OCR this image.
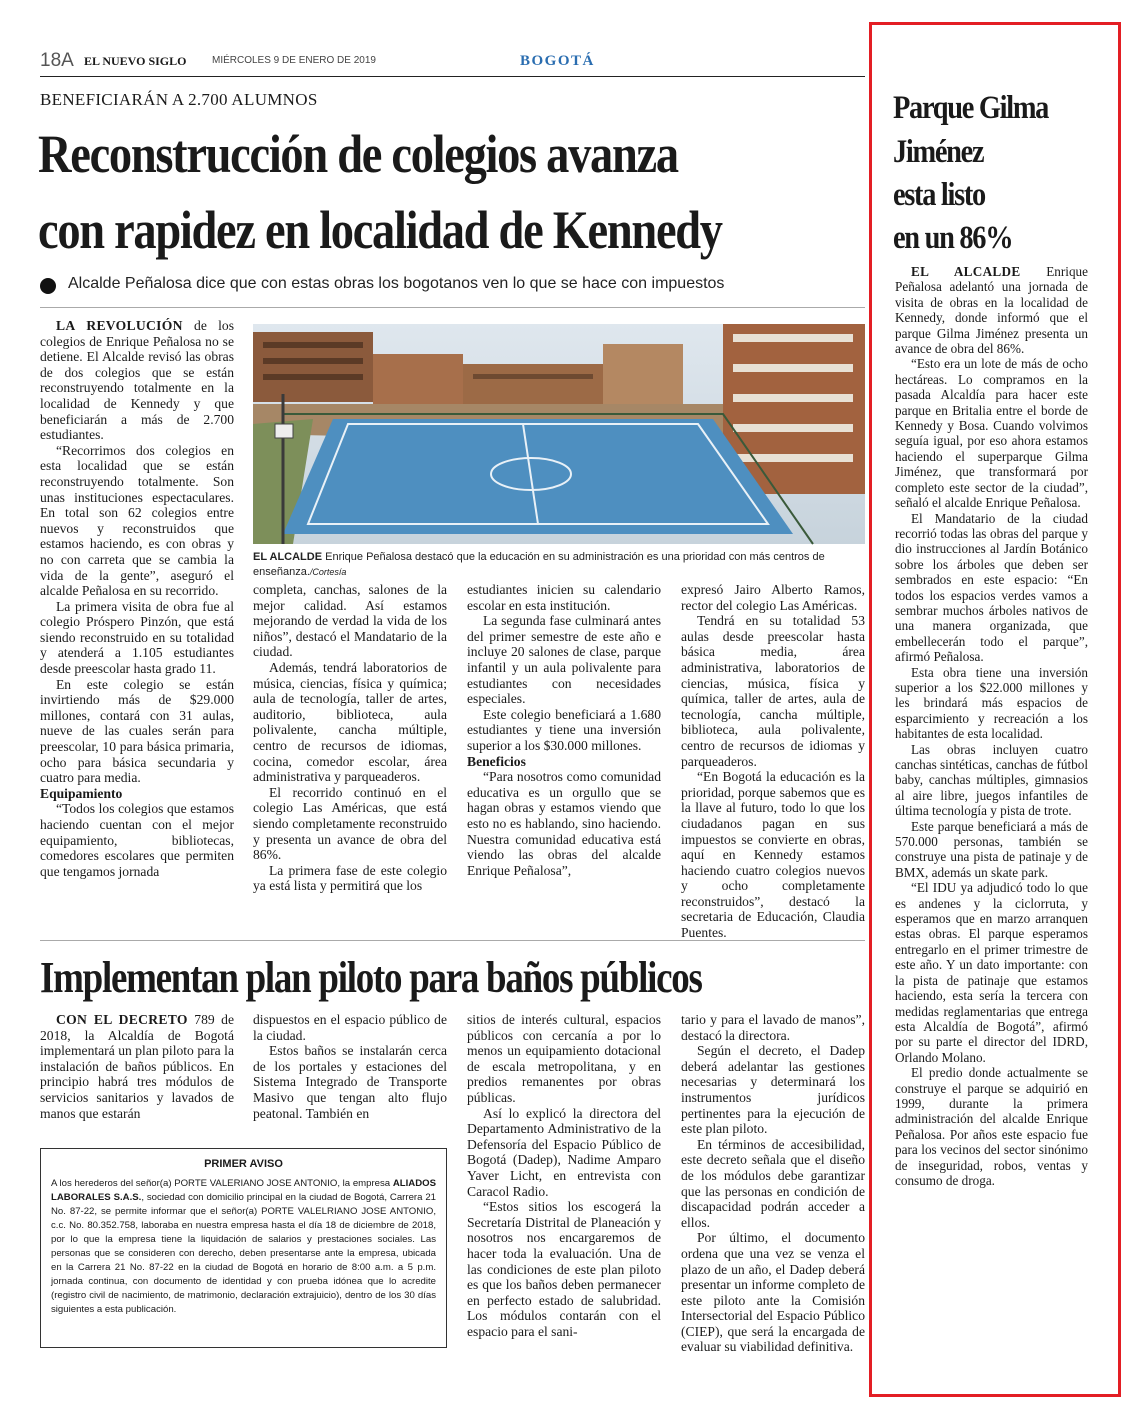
18A EL NUEVO SIGLO	MIÉRCOLES 9 DE ENERO DE 2019	BOGOTÁ
BENEFICIARÁN A 2.700 ALUMNOS
Reconstrucción de colegios avanza
con rapidez en localidad de Kennedy
Alcalde Peñalosa dice que con estas obras los bogotanos ven lo que se hace con impuestos
EL ALCALDE Enrique Peñalosa destacó que la educación en su administración es una prioridad con más centros de enseñanza./Cortesía

LA REVOLUCIÓN de los colegios de Enrique Peñalosa no se detiene. El Alcalde revisó las obras de dos colegios que se están reconstruyendo totalmente en la localidad de Kennedy y que beneficiarán a más de 2.700 estudiantes.

“Recorrimos dos colegios en esta localidad que se están reconstruyendo totalmente. Son unas instituciones espectaculares. En total son 62 colegios entre nuevos y reconstruidos que estamos haciendo, es con obras y no con carreta que se cambia la vida de la gente”, aseguró el alcalde Peñalosa en su recorrido.

La primera visita de obra fue al colegio Próspero Pinzón, que está siendo reconstruido en su totalidad y atenderá a 1.105 estudiantes desde preescolar hasta grado 11.

En este colegio se están invirtiendo más de $29.000 millones, contará con 31 aulas, nueve de las cuales serán para preescolar, 10 para básica primaria, ocho para básica secundaria y cuatro para media.

Equipamiento

“Todos los colegios que estamos haciendo cuentan con el mejor equipamiento, bibliotecas, comedores escolares que permiten que tengamos jornada

completa, canchas, salones de la mejor calidad. Así estamos mejorando de verdad la vida de los niños”, destacó el Mandatario de la ciudad.

Además, tendrá laboratorios de música, ciencias, física y química; aula de tecnología, taller de artes, auditorio, biblioteca, aula polivalente, cancha múltiple, centro de recursos de idiomas, cocina, comedor escolar, área administrativa y parqueaderos.

El recorrido continuó en el colegio Las Américas, que está siendo completamente reconstruido y presenta un avance de obra del 86%.

La primera fase de este colegio ya está lista y permitirá que los

estudiantes inicien su calendario escolar en esta institución.

La segunda fase culminará antes del primer semestre de este año e incluye 20 salones de clase, parque infantil y un aula polivalente para estudiantes con necesidades especiales.

Este colegio beneficiará a 1.680 estudiantes y tiene una inversión superior a los $30.000 millones.

Beneficios

“Para nosotros como comunidad educativa es un orgullo que se hagan obras y estamos viendo que esto no es hablando, sino haciendo. Nuestra comunidad educativa está viendo las obras del alcalde Enrique Peñalosa”,

expresó Jairo Alberto Ramos, rector del colegio Las Américas.

Tendrá en su totalidad 53 aulas desde preescolar hasta básica media, área administrativa, laboratorios de ciencias, música, física y química, taller de artes, aula de tecnología, cancha múltiple, biblioteca, aula polivalente, centro de recursos de idiomas y parqueaderos.

“En Bogotá la educación es la prioridad, porque sabemos que es la llave al futuro, todo lo que los ciudadanos pagan en sus impuestos se convierte en obras, aquí en Kennedy estamos haciendo cuatro colegios nuevos y ocho completamente reconstruidos”, destacó la secretaria de Educación, Claudia Puentes.

Implementan plan piloto para baños públicos

CON EL DECRETO 789 de 2018, la Alcaldía de Bogotá implementará un plan piloto para la instalación de baños públicos. En principio habrá tres módulos de servicios sanitarios y lavados de manos que estarán

dispuestos en el espacio público de la ciudad.

Estos baños se instalarán cerca de los portales y estaciones del Sistema Integrado de Transporte Masivo que tengan alto flujo peatonal. También en

sitios de interés cultural, espacios públicos con cercanía a por lo menos un equipamiento dotacional de escala metropolitana, y en predios remanentes por obras públicas.

Así lo explicó la directora del Departamento Administrativo de la Defensoría del Espacio Público de Bogotá (Dadep), Nadime Amparo Yaver Licht, en entrevista con Caracol Radio.

“Estos sitios los escogerá la Secretaría Distrital de Planeación y nosotros nos encargaremos de hacer toda la evaluación. Una de las condiciones de este plan piloto es que los baños deben permanecer en perfecto estado de salubridad. Los módulos contarán con el espacio para el sani-

tario y para el lavado de manos”, destacó la directora.

Según el decreto, el Dadep deberá adelantar las gestiones necesarias y determinará los instrumentos jurídicos pertinentes para la ejecución de este plan piloto.

En términos de accesibilidad, este decreto señala que el diseño de los módulos debe garantizar que las personas en condición de discapacidad podrán acceder a ellos.

Por último, el documento ordena que una vez se venza el plazo de un año, el Dadep deberá presentar un informe completo de este piloto ante la Comisión Intersectorial del Espacio Público (CIEP), que será la encargada de evaluar su viabilidad definitiva.

PRIMER AVISO
A los herederos del señor(a) PORTE VALERIANO JOSE ANTONIO, la empresa ALIADOS LABORALES S.A.S., sociedad con domicilio principal en la ciudad de Bogotá, Carrera 21 No. 87-22, se permite informar que el señor(a) PORTE VALELRIANO JOSE ANTONIO, c.c. No. 80.352.758, laboraba en nuestra empresa hasta el día 18 de diciembre de 2018, por lo que la empresa tiene la liquidación de salarios y prestaciones sociales. Las personas que se consideren con derecho, deben presentarse ante la empresa, ubicada en la Carrera 21 No. 87-22 en la ciudad de Bogotá en horario de 8:00 a.m. a 5 p.m. jornada continua, con documento de identidad y con prueba idónea que lo acredite (registro civil de nacimiento, de matrimonio, declaración extrajuicio), dentro de los 30 días siguientes a esta publicación.
Parque Gilma
Jiménez
esta listo
en un 86%

EL ALCALDE Enrique Peñalosa adelantó una jornada de visita de obras en la localidad de Kennedy, donde informó que el parque Gilma Jiménez presenta un avance de obra del 86%.

“Esto era un lote de más de ocho hectáreas. Lo compramos en la pasada Alcaldía para hacer este parque en Britalia entre el borde de Kennedy y Bosa. Cuando volvimos seguía igual, por eso ahora estamos haciendo el superparque Gilma Jiménez, que transformará por completo este sector de la ciudad”, señaló el alcalde Enrique Peñalosa.

El Mandatario de la ciudad recorrió todas las obras del parque y dio instrucciones al Jardín Botánico sobre los árboles que deben ser sembrados en este espacio: “En todos los espacios verdes vamos a sembrar muchos árboles nativos de una manera organizada, que embellecerán todo el parque”, afirmó Peñalosa.

Esta obra tiene una inversión superior a los $22.000 millones y les brindará más espacios de esparcimiento y recreación a los habitantes de esta localidad.

Las obras incluyen cuatro canchas sintéticas, canchas de fútbol baby, canchas múltiples, gimnasios al aire libre, juegos infantiles de última tecnología y pista de trote.

Este parque beneficiará a más de 570.000 personas, también se construye una pista de patinaje y de BMX, además un skate park.

“El IDU ya adjudicó todo lo que es andenes y la ciclorruta, y esperamos que en marzo arranquen estas obras. El parque esperamos entregarlo en el primer trimestre de este año. Y un dato importante: con la pista de patinaje que estamos haciendo, esta sería la tercera con medidas reglamentarias que entrega esta Alcaldía de Bogotá”, afirmó por su parte el director del IDRD, Orlando Molano.

El predio donde actualmente se construye el parque se adquirió en 1999, durante la primera administración del alcalde Enrique Peñalosa. Por años este espacio fue para los vecinos del sector sinónimo de inseguridad, robos, ventas y consumo de droga.
